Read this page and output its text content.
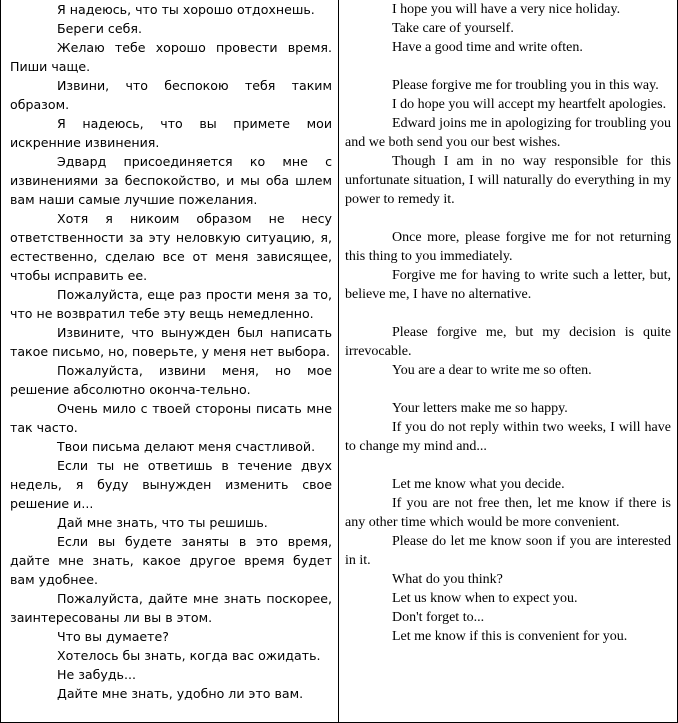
Я надеюсь, что ты хорошо отдохнешь.

Береги себя.

Желаю тебе хорошо провести время. Пиши чаще.

Извини, что беспокою тебя таким образом.

Я надеюсь, что вы примете мои искренние извинения.

Эдвард присоединяется ко мне с извинениями за беспокойство, и мы оба шлем вам наши самые лучшие пожелания.

Хотя я никоим образом не несу ответственности за эту неловкую ситуацию, я, естественно, сделаю все от меня зависящее, чтобы исправить ее.

Пожалуйста, еще раз прости меня за то, что не возвратил тебе эту вещь немедленно.

Извините, что вынужден был написать такое письмо, но, поверьте, у меня нет выбора.

Пожалуйста, извини меня, но мое решение абсолютно оконча-тельно.

Очень мило с твоей стороны писать мне так часто.

Твои письма делают меня счастливой.

Если ты не ответишь в течение двух недель, я буду вынужден изменить свое решение и...

Дай мне знать, что ты решишь.

Если вы будете заняты в это время, дайте мне знать, какое другое время будет вам удобнее.

Пожалуйста, дайте мне знать поскорее, заинтересованы ли вы в этом.

Что вы думаете?

Хотелось бы знать, когда вас ожидать.

Не забудь...

Дайте мне знать, удобно ли это вам.

I hope you will have a very nice holiday.

Take care of yourself.

Have a good time and write often.

Please forgive me for troubling you in this way.

I do hope you will accept my heartfelt apologies.

Edward joins me in apologizing for troubling you and we both send you our best wishes.

Though I am in no way responsible for this unfortunate situation, I will naturally do everything in my power to remedy it.

Once more, please forgive me for not returning this thing to you immediately.

Forgive me for having to write such a letter, but, believe me, I have no alternative.

Please forgive me, but my decision is quite irrevocable.

You are a dear to write me so often.

Your letters make me so happy.

If you do not reply within two weeks, I will have to change my mind and...

Let me know what you decide.

If you are not free then, let me know if there is any other time which would be more convenient.

Please do let me know soon if you are interested in it.

What do you think?

Let us know when to expect you.

Don't forget to...

Let me know if this is convenient for you.
